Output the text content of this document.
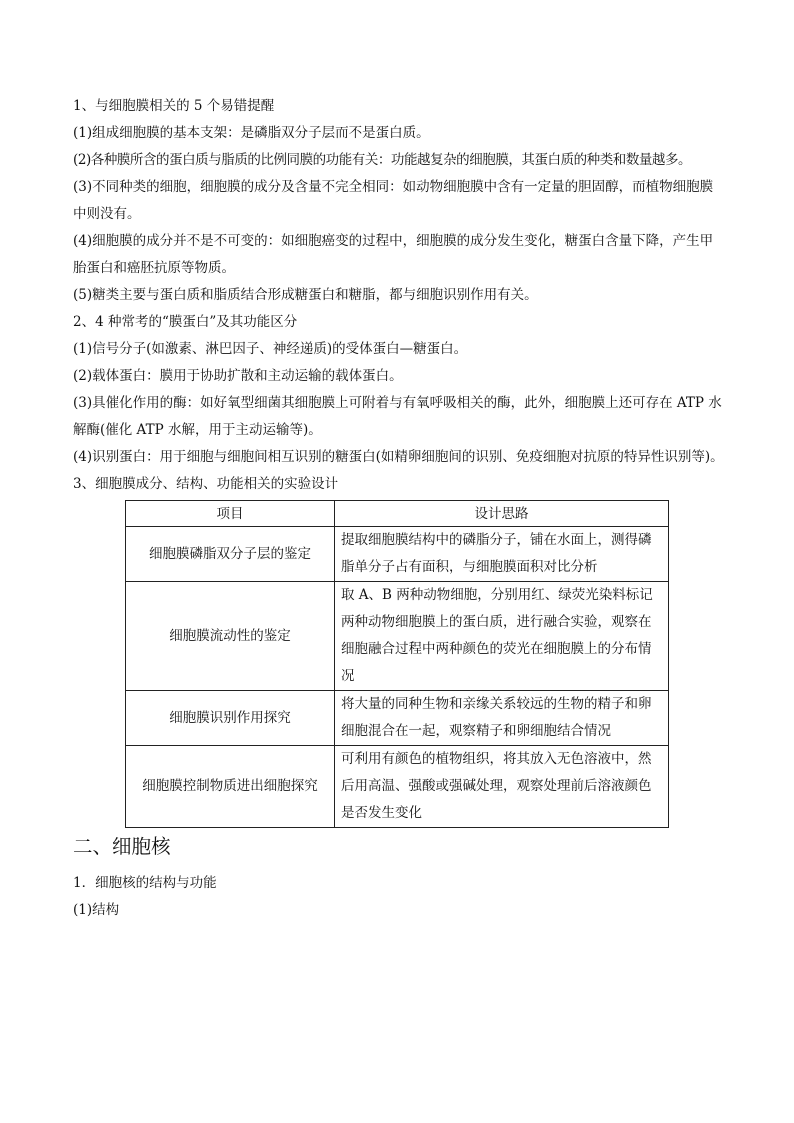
1、与细胞膜相关的 5 个易错提醒

(1)组成细胞膜的基本支架：是磷脂双分子层而不是蛋白质。

(2)各种膜所含的蛋白质与脂质的比例同膜的功能有关：功能越复杂的细胞膜，其蛋白质的种类和数量越多。

(3)不同种类的细胞，细胞膜的成分及含量不完全相同：如动物细胞膜中含有一定量的胆固醇，而植物细胞膜中则没有。

(4)细胞膜的成分并不是不可变的：如细胞癌变的过程中，细胞膜的成分发生变化，糖蛋白含量下降，产生甲胎蛋白和癌胚抗原等物质。

(5)糖类主要与蛋白质和脂质结合形成糖蛋白和糖脂，都与细胞识别作用有关。

2、4 种常考的“膜蛋白”及其功能区分

(1)信号分子(如激素、淋巴因子、神经递质)的受体蛋白—糖蛋白。

(2)载体蛋白：膜用于协助扩散和主动运输的载体蛋白。

(3)具催化作用的酶：如好氧型细菌其细胞膜上可附着与有氧呼吸相关的酶，此外，细胞膜上还可存在 ATP 水解酶(催化 ATP 水解，用于主动运输等)。

(4)识别蛋白：用于细胞与细胞间相互识别的糖蛋白(如精卵细胞间的识别、免疫细胞对抗原的特异性识别等)。

3、细胞膜成分、结构、功能相关的实验设计

项目	设计思路
细胞膜磷脂双分子层的鉴定	提取细胞膜结构中的磷脂分子，铺在水面上，测得磷脂单分子占有面积，与细胞膜面积对比分析
细胞膜流动性的鉴定	取 A、B 两种动物细胞，分别用红、绿荧光染料标记两种动物细胞膜上的蛋白质，进行融合实验，观察在细胞融合过程中两种颜色的荧光在细胞膜上的分布情况
细胞膜识别作用探究	将大量的同种生物和亲缘关系较远的生物的精子和卵细胞混合在一起，观察精子和卵细胞结合情况
细胞膜控制物质进出细胞探究	可利用有颜色的植物组织，将其放入无色溶液中，然后用高温、强酸或强碱处理，观察处理前后溶液颜色是否发生变化
二、细胞核

1．细胞核的结构与功能

(1)结构
